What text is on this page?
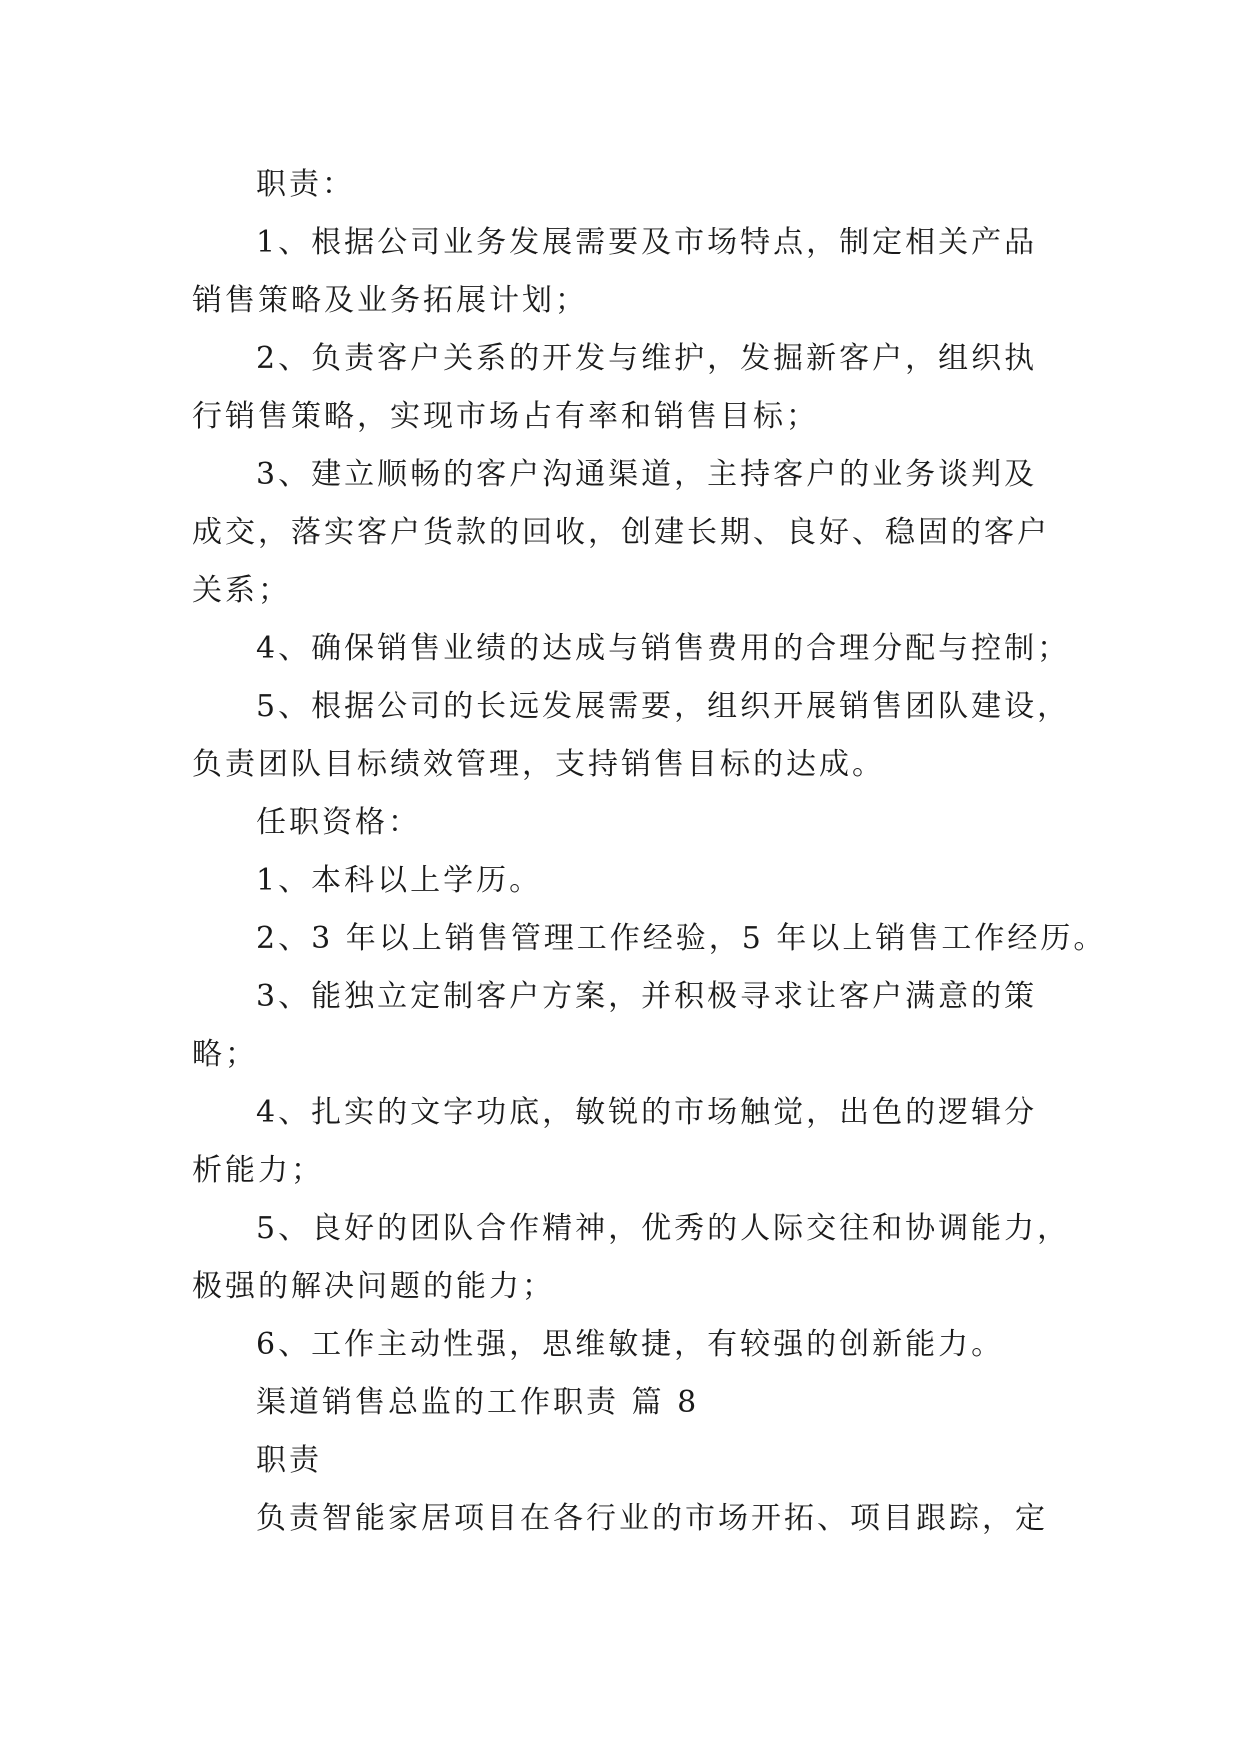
职责：
1、根据公司业务发展需要及市场特点，制定相关产品
销售策略及业务拓展计划；
2、负责客户关系的开发与维护，发掘新客户，组织执
行销售策略，实现市场占有率和销售目标；
3、建立顺畅的客户沟通渠道，主持客户的业务谈判及
成交，落实客户货款的回收，创建长期、良好、稳固的客户
关系；
4、确保销售业绩的达成与销售费用的合理分配与控制；
5、根据公司的长远发展需要，组织开展销售团队建设，
负责团队目标绩效管理，支持销售目标的达成。
任职资格：
1、本科以上学历。
2、3 年以上销售管理工作经验，5 年以上销售工作经历。
3、能独立定制客户方案，并积极寻求让客户满意的策
略；
4、扎实的文字功底，敏锐的市场触觉，出色的逻辑分
析能力；
5、良好的团队合作精神，优秀的人际交往和协调能力，
极强的解决问题的能力；
6、工作主动性强，思维敏捷，有较强的创新能力。
渠道销售总监的工作职责 篇 8
职责
负责智能家居项目在各行业的市场开拓、项目跟踪，定
